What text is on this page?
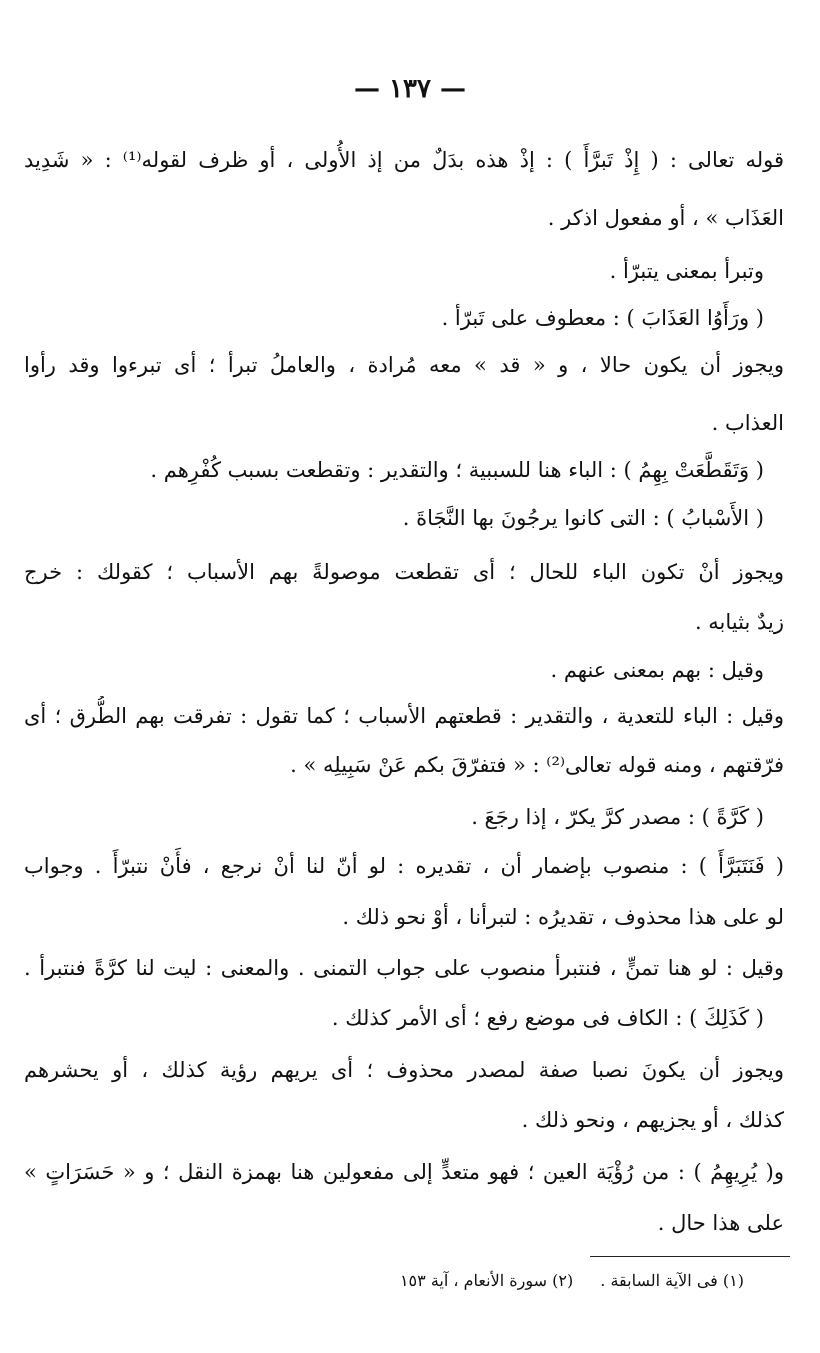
— ١٣٧ —
قوله تعالى : ( إِذْ تَبرَّأَ ) : إذْ هذه بدَلٌ من إذ الأُولى ، أو ظرف لقوله⁽¹⁾ : « شَدِيد
العَذَاب » ، أو مفعول اذكر .
وتبرأ بمعنى يتبرّأ .
( ورَأَوُا العَذَابَ ) : معطوف على تَبرّأ .
ويجوز أن يكون حالا ، و « قد » معه مُرادة ، والعاملُ تبرأ ؛ أى تبرءوا وقد رأوا
العذاب .
( وَتَقَطَّعَتْ بِهِمُ ) : الباء هنا للسببية ؛ والتقدير : وتقطعت بسبب كُفْرِهم .
( الأَسْبابُ ) : التى كانوا يرجُونَ بها النَّجَاةَ .
ويجوز أنْ تكون الباء للحال ؛ أى تقطعت موصولةً بهم الأسباب ؛ كقولك : خرج
زيدٌ بثيابه .
وقيل : بهم بمعنى عنهم .
وقيل : الباء للتعدية ، والتقدير : قطعتهم الأسباب ؛ كما تقول : تفرقت بهم الطُّرق ؛ أى
فرّقتهم ، ومنه قوله تعالى⁽²⁾ : « فتفرّقَ بكم عَنْ سَبِيلِه » .
( كَرَّةً ) : مصدر كرَّ يكرّ ، إذا رجَعَ .
( فَنَتَبَرَّأَ ) : منصوب بإضمار أن ، تقديره : لو أنّ لنا أنْ نرجع ، فأَنْ نتبرّأَ . وجواب
لو على هذا محذوف ، تقديرُه : لتبرأنا ، أوْ نحو ذلك .
وقيل : لو هنا تمنٍّ ، فنتبرأ منصوب على جواب التمنى . والمعنى : ليت لنا كرَّةً فنتبرأ .
( كَذَلِكَ ) : الكاف فى موضع رفع ؛ أى الأمر كذلك .
ويجوز أن يكونَ نصبا صفة لمصدر محذوف ؛ أى يريهم رؤية كذلك ، أو يحشرهم
كذلك ، أو يجزيهم ، ونحو ذلك .
و( يُرِيهِمُ ) : من رُؤْيَة العين ؛ فهو متعدٍّ إلى مفعولين هنا بهمزة النقل ؛ و « حَسَرَاتٍ »
على هذا حال .
(١) فى الآية السابقة . (٢) سورة الأنعام ، آية ١٥٣
